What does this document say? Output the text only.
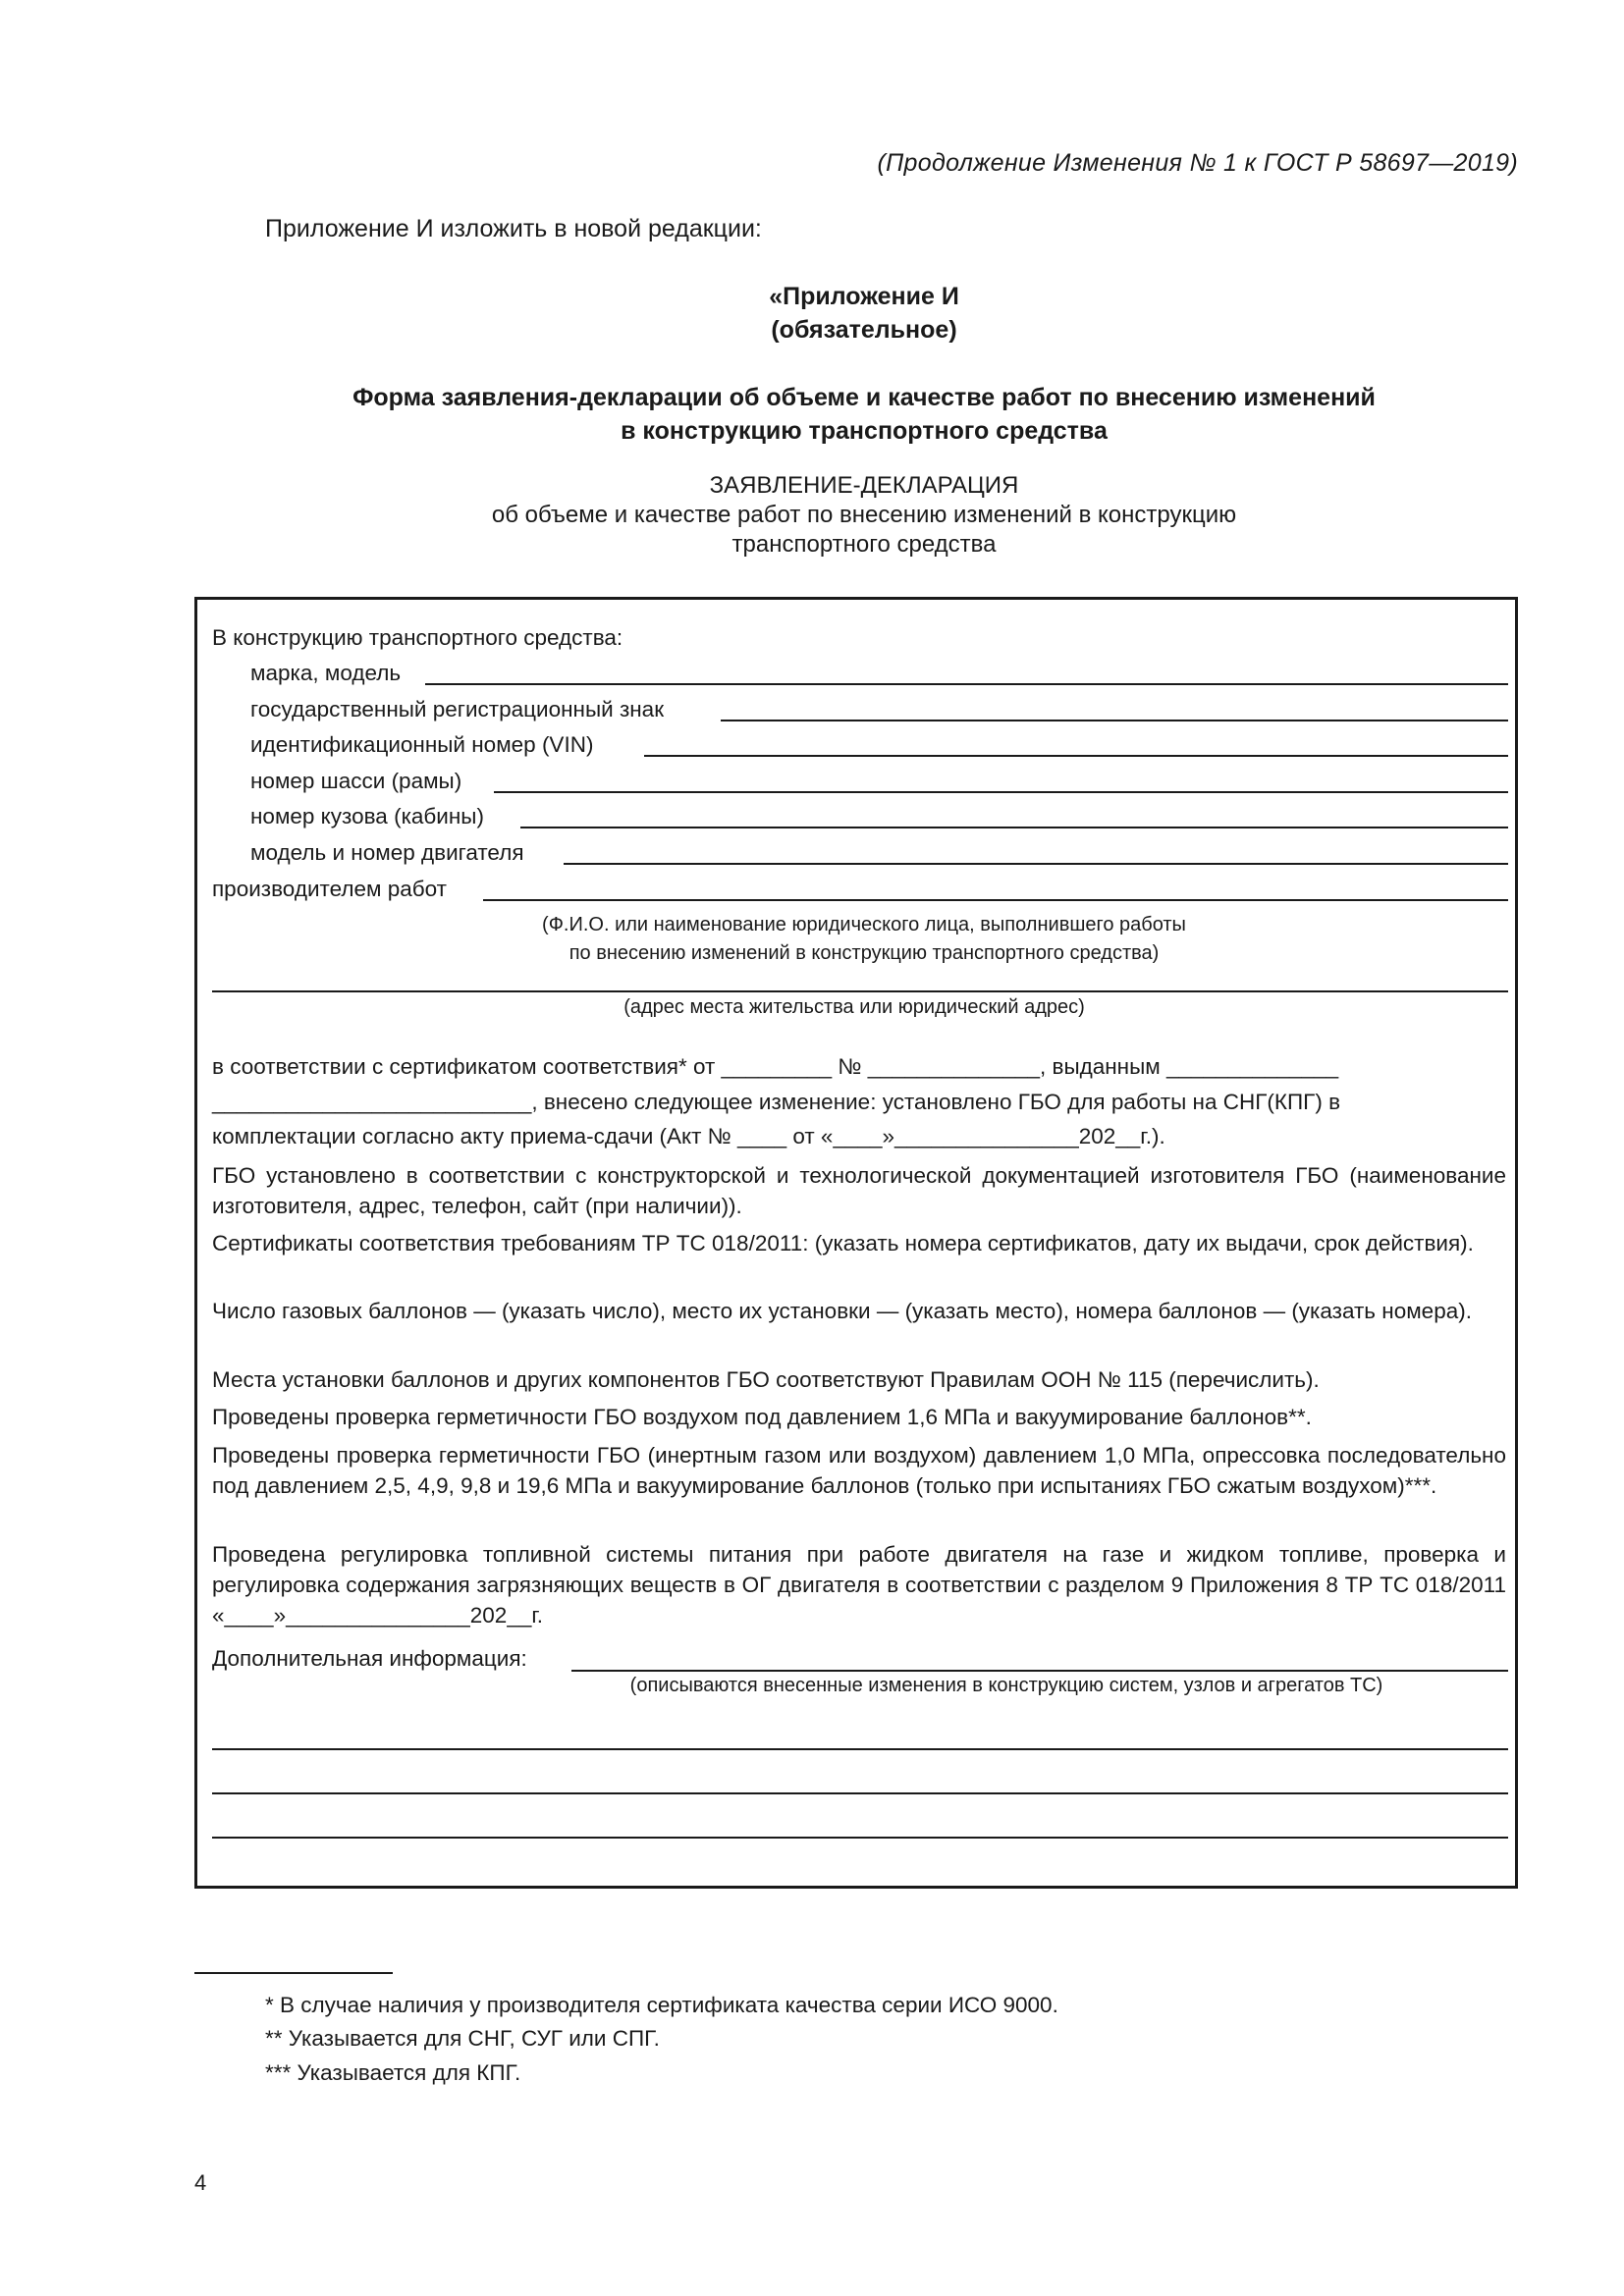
(Продолжение Изменения № 1 к ГОСТ Р 58697—2019)
Приложение И изложить в новой редакции:
«Приложение И
(обязательное)
Форма заявления-декларации об объеме и качестве работ по внесению изменений
в конструкцию транспортного средства
ЗАЯВЛЕНИЕ-ДЕКЛАРАЦИЯ
об объеме и качестве работ по внесению изменений в конструкцию
транспортного средства
В конструкцию транспортного средства:
марка, модель
государственный регистрационный знак
идентификационный номер (VIN)
номер шасси (рамы)
номер кузова (кабины)
модель и номер двигателя
производителем работ
(Ф.И.О. или наименование юридического лица, выполнившего работы
по внесению изменений в конструкцию транспортного средства)
(адрес места жительства или юридический адрес)
в соответствии с сертификатом соответствия* от _________ № ______________, выданным ______________
__________________________, внесено следующее изменение: установлено ГБО для работы на СНГ(КПГ) в
комплектации согласно акту приема-сдачи (Акт № ____ от «____»_______________202__г.).
ГБО установлено в соответствии с конструкторской и технологической документацией изготовителя ГБО (наименование изготовителя, адрес, телефон, сайт (при наличии)).
Сертификаты соответствия требованиям ТР ТС 018/2011: (указать номера сертификатов, дату их выдачи, срок действия).
Число газовых баллонов — (указать число), место их установки — (указать место), номера баллонов — (указать номера).
Места установки баллонов и других компонентов ГБО соответствуют Правилам ООН № 115 (перечислить).
Проведены проверка герметичности ГБО воздухом под давлением 1,6 МПа и вакуумирование баллонов**.
Проведены проверка герметичности ГБО (инертным газом или воздухом) давлением 1,0 МПа, опрессовка последовательно под давлением 2,5, 4,9, 9,8 и 19,6 МПа и вакуумирование баллонов (только при испытаниях ГБО сжатым воздухом)***.
Проведена регулировка топливной системы питания при работе двигателя на газе и жидком топливе, проверка и регулировка содержания загрязняющих веществ в ОГ двигателя в соответствии с разделом 9 Приложения 8 ТР ТС 018/2011 «____»_______________202__г.
Дополнительная информация:
(описываются внесенные изменения в конструкцию систем, узлов и агрегатов ТС)
* В случае наличия у производителя сертификата качества серии ИСО 9000.
** Указывается для СНГ, СУГ или СПГ.
*** Указывается для КПГ.
4
